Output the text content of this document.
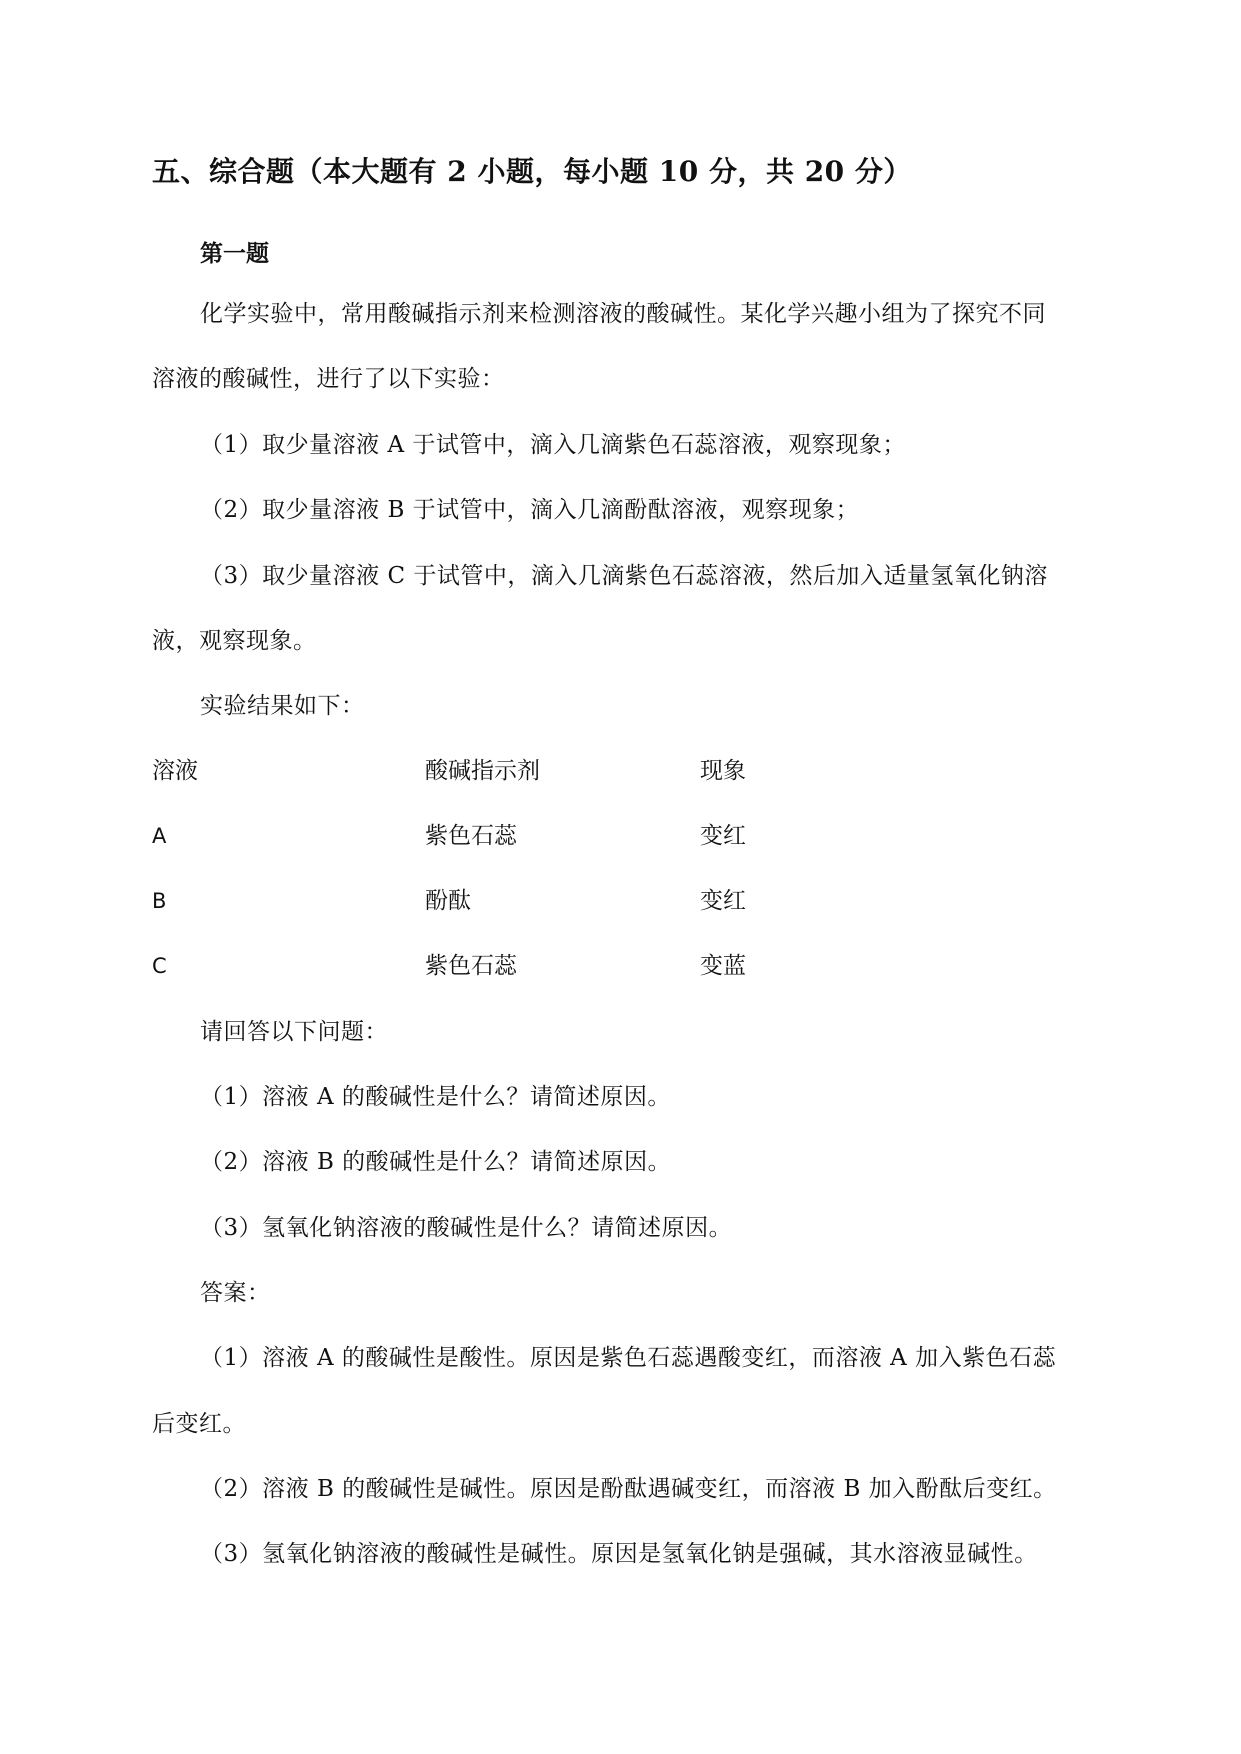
五、综合题（本大题有 2 小题，每小题 10 分，共 20 分）
第一题
化学实验中，常用酸碱指示剂来检测溶液的酸碱性。某化学兴趣小组为了探究不同
溶液的酸碱性，进行了以下实验：
（1）取少量溶液 A 于试管中，滴入几滴紫色石蕊溶液，观察现象；
（2）取少量溶液 B 于试管中，滴入几滴酚酞溶液，观察现象；
（3）取少量溶液 C 于试管中，滴入几滴紫色石蕊溶液，然后加入适量氢氧化钠溶
液，观察现象。
实验结果如下：
溶液	酸碱指示剂	现象
A	紫色石蕊	变红
B	酚酞	变红
C	紫色石蕊	变蓝
请回答以下问题：
（1）溶液 A 的酸碱性是什么？请简述原因。
（2）溶液 B 的酸碱性是什么？请简述原因。
（3）氢氧化钠溶液的酸碱性是什么？请简述原因。
答案：
（1）溶液 A 的酸碱性是酸性。原因是紫色石蕊遇酸变红，而溶液 A 加入紫色石蕊
后变红。
（2）溶液 B 的酸碱性是碱性。原因是酚酞遇碱变红，而溶液 B 加入酚酞后变红。
（3）氢氧化钠溶液的酸碱性是碱性。原因是氢氧化钠是强碱，其水溶液显碱性。
